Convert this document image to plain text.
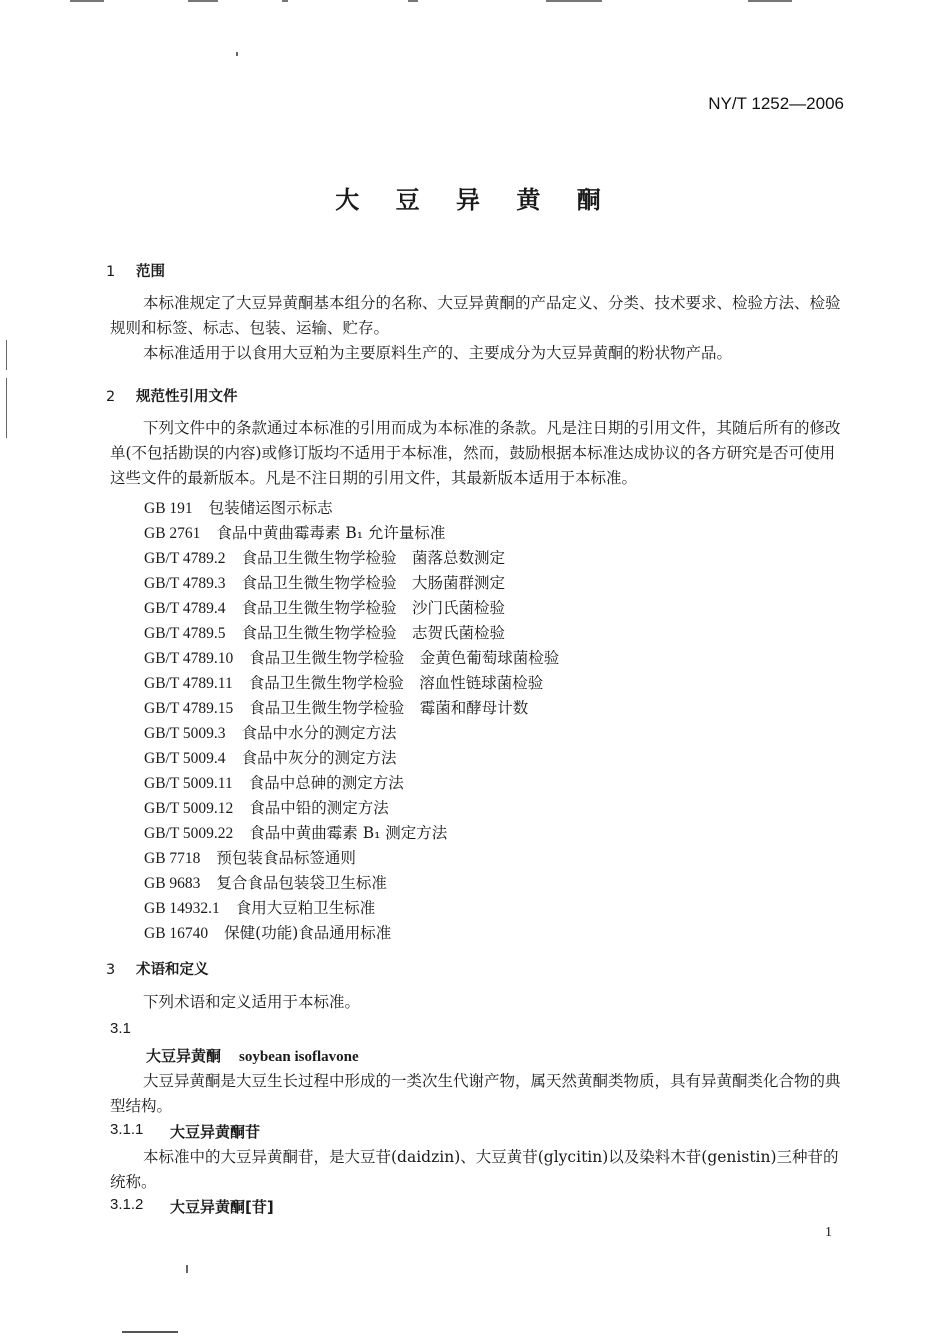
NY/T 1252—2006
大 豆 异 黄 酮
1 范围
本标准规定了大豆异黄酮基本组分的名称、大豆异黄酮的产品定义、分类、技术要求、检验方法、检验规则和标签、标志、包装、运输、贮存。
本标准适用于以食用大豆粕为主要原料生产的、主要成分为大豆异黄酮的粉状物产品。
2 规范性引用文件
下列文件中的条款通过本标准的引用而成为本标准的条款。凡是注日期的引用文件，其随后所有的修改单(不包括勘误的内容)或修订版均不适用于本标准，然而，鼓励根据本标准达成协议的各方研究是否可使用这些文件的最新版本。凡是不注日期的引用文件，其最新版本适用于本标准。
GB 191 包装储运图示标志
GB 2761 食品中黄曲霉毒素 B₁ 允许量标准
GB/T 4789.2 食品卫生微生物学检验　菌落总数测定
GB/T 4789.3 食品卫生微生物学检验　大肠菌群测定
GB/T 4789.4 食品卫生微生物学检验　沙门氏菌检验
GB/T 4789.5 食品卫生微生物学检验　志贺氏菌检验
GB/T 4789.10 食品卫生微生物学检验　金黄色葡萄球菌检验
GB/T 4789.11 食品卫生微生物学检验　溶血性链球菌检验
GB/T 4789.15 食品卫生微生物学检验　霉菌和酵母计数
GB/T 5009.3 食品中水分的测定方法
GB/T 5009.4 食品中灰分的测定方法
GB/T 5009.11 食品中总砷的测定方法
GB/T 5009.12 食品中铅的测定方法
GB/T 5009.22 食品中黄曲霉素 B₁ 测定方法
GB 7718 预包装食品标签通则
GB 9683 复合食品包装袋卫生标准
GB 14932.1 食用大豆粕卫生标准
GB 16740 保健(功能)食品通用标准
3 术语和定义
下列术语和定义适用于本标准。
3.1
大豆异黄酮 soybean isoflavone
大豆异黄酮是大豆生长过程中形成的一类次生代谢产物，属天然黄酮类物质，具有异黄酮类化合物的典型结构。
3.1.1 大豆异黄酮苷
本标准中的大豆异黄酮苷，是大豆苷(daidzin)、大豆黄苷(glycitin)以及染料木苷(genistin)三种苷的统称。
3.1.2 大豆异黄酮[苷]
1
